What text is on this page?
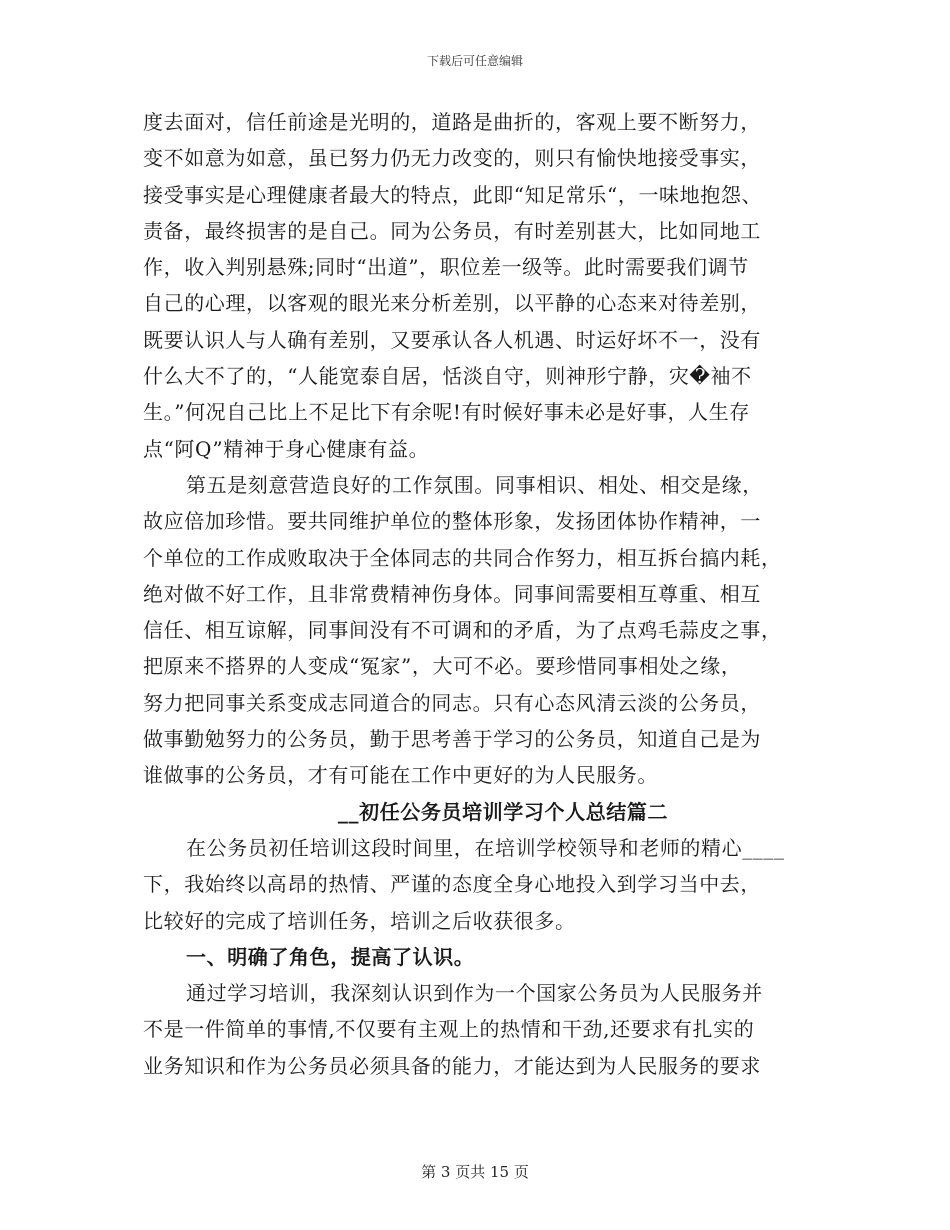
下载后可任意编辑
度去面对，信任前途是光明的，道路是曲折的，客观上要不断努力，
变不如意为如意，虽已努力仍无力改变的，则只有愉快地接受事实，
接受事实是心理健康者最大的特点，此即“知足常乐“，一味地抱怨、
责备，最终损害的是自己。同为公务员，有时差别甚大，比如同地工
作，收入判别悬殊;同时“出道”，职位差一级等。此时需要我们调节
自己的心理，以客观的眼光来分析差别，以平静的心态来对待差别，
既要认识人与人确有差别，又要承认各人机遇、时运好坏不一，没有
什么大不了的，“人能宽泰自居，恬淡自守，则神形宁静，灾�袖不
生。”何况自己比上不足比下有余呢!有时候好事未必是好事，人生存
点“阿Q”精神于身心健康有益。
第五是刻意营造良好的工作氛围。同事相识、相处、相交是缘，
故应倍加珍惜。要共同维护单位的整体形象，发扬团体协作精神，一
个单位的工作成败取决于全体同志的共同合作努力，相互拆台搞内耗，
绝对做不好工作，且非常费精神伤身体。同事间需要相互尊重、相互
信任、相互谅解，同事间没有不可调和的矛盾，为了点鸡毛蒜皮之事，
把原来不搭界的人变成“冤家”，大可不必。要珍惜同事相处之缘，
努力把同事关系变成志同道合的同志。只有心态风清云淡的公务员，
做事勤勉努力的公务员，勤于思考善于学习的公务员，知道自己是为
谁做事的公务员，才有可能在工作中更好的为人民服务。
__初任公务员培训学习个人总结篇二
在公务员初任培训这段时间里，在培训学校领导和老师的精心____
下，我始终以高昂的热情、严谨的态度全身心地投入到学习当中去，
比较好的完成了培训任务，培训之后收获很多。
一、明确了角色，提高了认识。
通过学习培训，我深刻认识到作为一个国家公务员为人民服务并
不是一件简单的事情,不仅要有主观上的热情和干劲,还要求有扎实的
业务知识和作为公务员必须具备的能力，才能达到为人民服务的要求
第 3 页共 15 页
